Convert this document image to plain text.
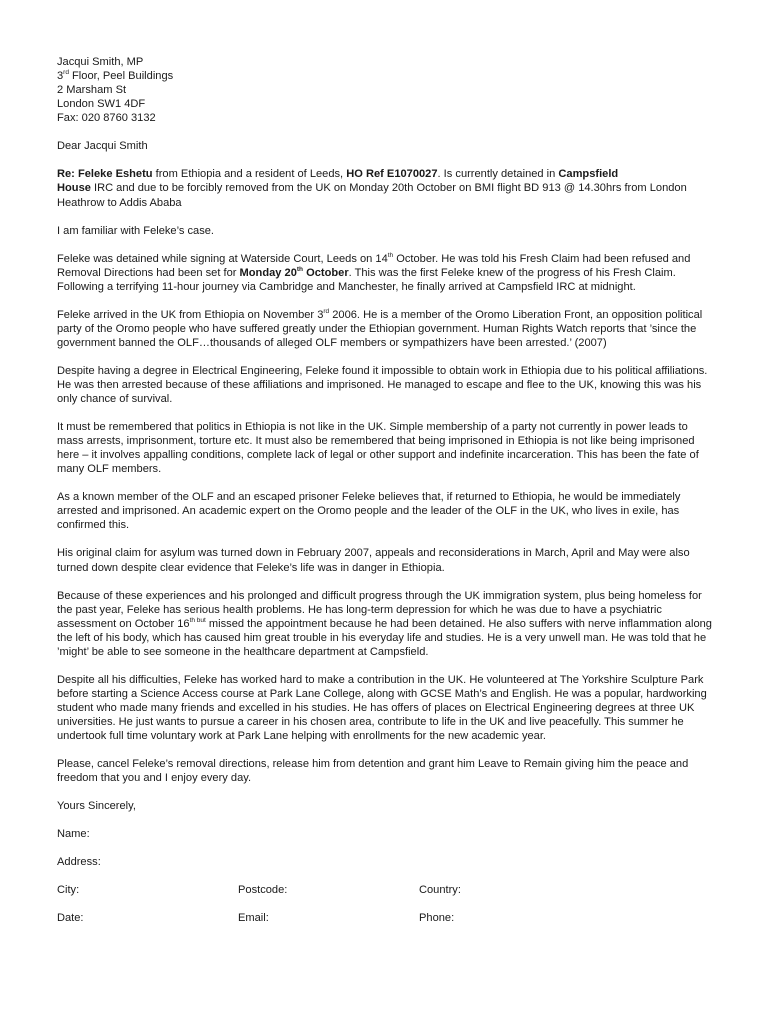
Jacqui Smith, MP
3rd Floor, Peel Buildings
2 Marsham St
London SW1 4DF
Fax: 020 8760 3132

Dear Jacqui Smith

Re: Feleke Eshetu from Ethiopia and a resident of Leeds, HO Ref E1070027. Is currently detained in Campsfield
House IRC and due to be forcibly removed from the UK on Monday 20th October on BMI flight BD 913 @ 14.30hrs from London Heathrow to Addis Ababa

I am familiar with Feleke’s case.

Feleke was detained while signing at Waterside Court, Leeds on 14th October. He was told his Fresh Claim had been refused and Removal Directions had been set for Monday 20th October. This was the first Feleke knew of the progress of his Fresh Claim. Following a terrifying 11-hour journey via Cambridge and Manchester, he finally arrived at Campsfield IRC at midnight.

Feleke arrived in the UK from Ethiopia on November 3rd 2006. He is a member of the Oromo Liberation Front, an opposition political party of the Oromo people who have suffered greatly under the Ethiopian government. Human Rights Watch reports that ’since the government banned the OLF…thousands of alleged OLF members or sympathizers have been arrested.’ (2007)

Despite having a degree in Electrical Engineering, Feleke found it impossible to obtain work in Ethiopia due to his political affiliations. He was then arrested because of these affiliations and imprisoned. He managed to escape and flee to the UK, knowing this was his only chance of survival.

It must be remembered that politics in Ethiopia is not like in the UK. Simple membership of a party not currently in power leads to mass arrests, imprisonment, torture etc. It must also be remembered that being imprisoned in Ethiopia is not like being imprisoned here – it involves appalling conditions, complete lack of legal or other support and indefinite incarceration. This has been the fate of many OLF members.

As a known member of the OLF and an escaped prisoner Feleke believes that, if returned to Ethiopia, he would be immediately arrested and imprisoned. An academic expert on the Oromo people and the leader of the OLF in the UK, who lives in exile, has confirmed this.

His original claim for asylum was turned down in February 2007, appeals and reconsiderations in March, April and May were also turned down despite clear evidence that Feleke’s life was in danger in Ethiopia.

Because of these experiences and his prolonged and difficult progress through the UK immigration system, plus being homeless for the past year, Feleke has serious health problems. He has long-term depression for which he was due to have a psychiatric assessment on October $16^{th but}$ missed the appointment because he had been detained. He also suffers with nerve inflammation along the left of his body, which has caused him great trouble in his everyday life and studies. He is a very unwell man. He was told that he ’might’ be able to see someone in the healthcare department at Campsfield.

Despite all his difficulties, Feleke has worked hard to make a contribution in the UK. He volunteered at The Yorkshire Sculpture Park before starting a Science Access course at Park Lane College, along with GCSE Math’s and English. He was a popular, hardworking student who made many friends and excelled in his studies. He has offers of places on Electrical Engineering degrees at three UK universities. He just wants to pursue a career in his chosen area, contribute to life in the UK and live peacefully. This summer he undertook full time voluntary work at Park Lane helping with enrollments for the new academic year.

Please, cancel Feleke’s removal directions, release him from detention and grant him Leave to Remain giving him the peace and freedom that you and I enjoy every day.

Yours Sincerely,

Name:
Address:
City:	Postcode:	Country:
Date:	Email:	Phone:
